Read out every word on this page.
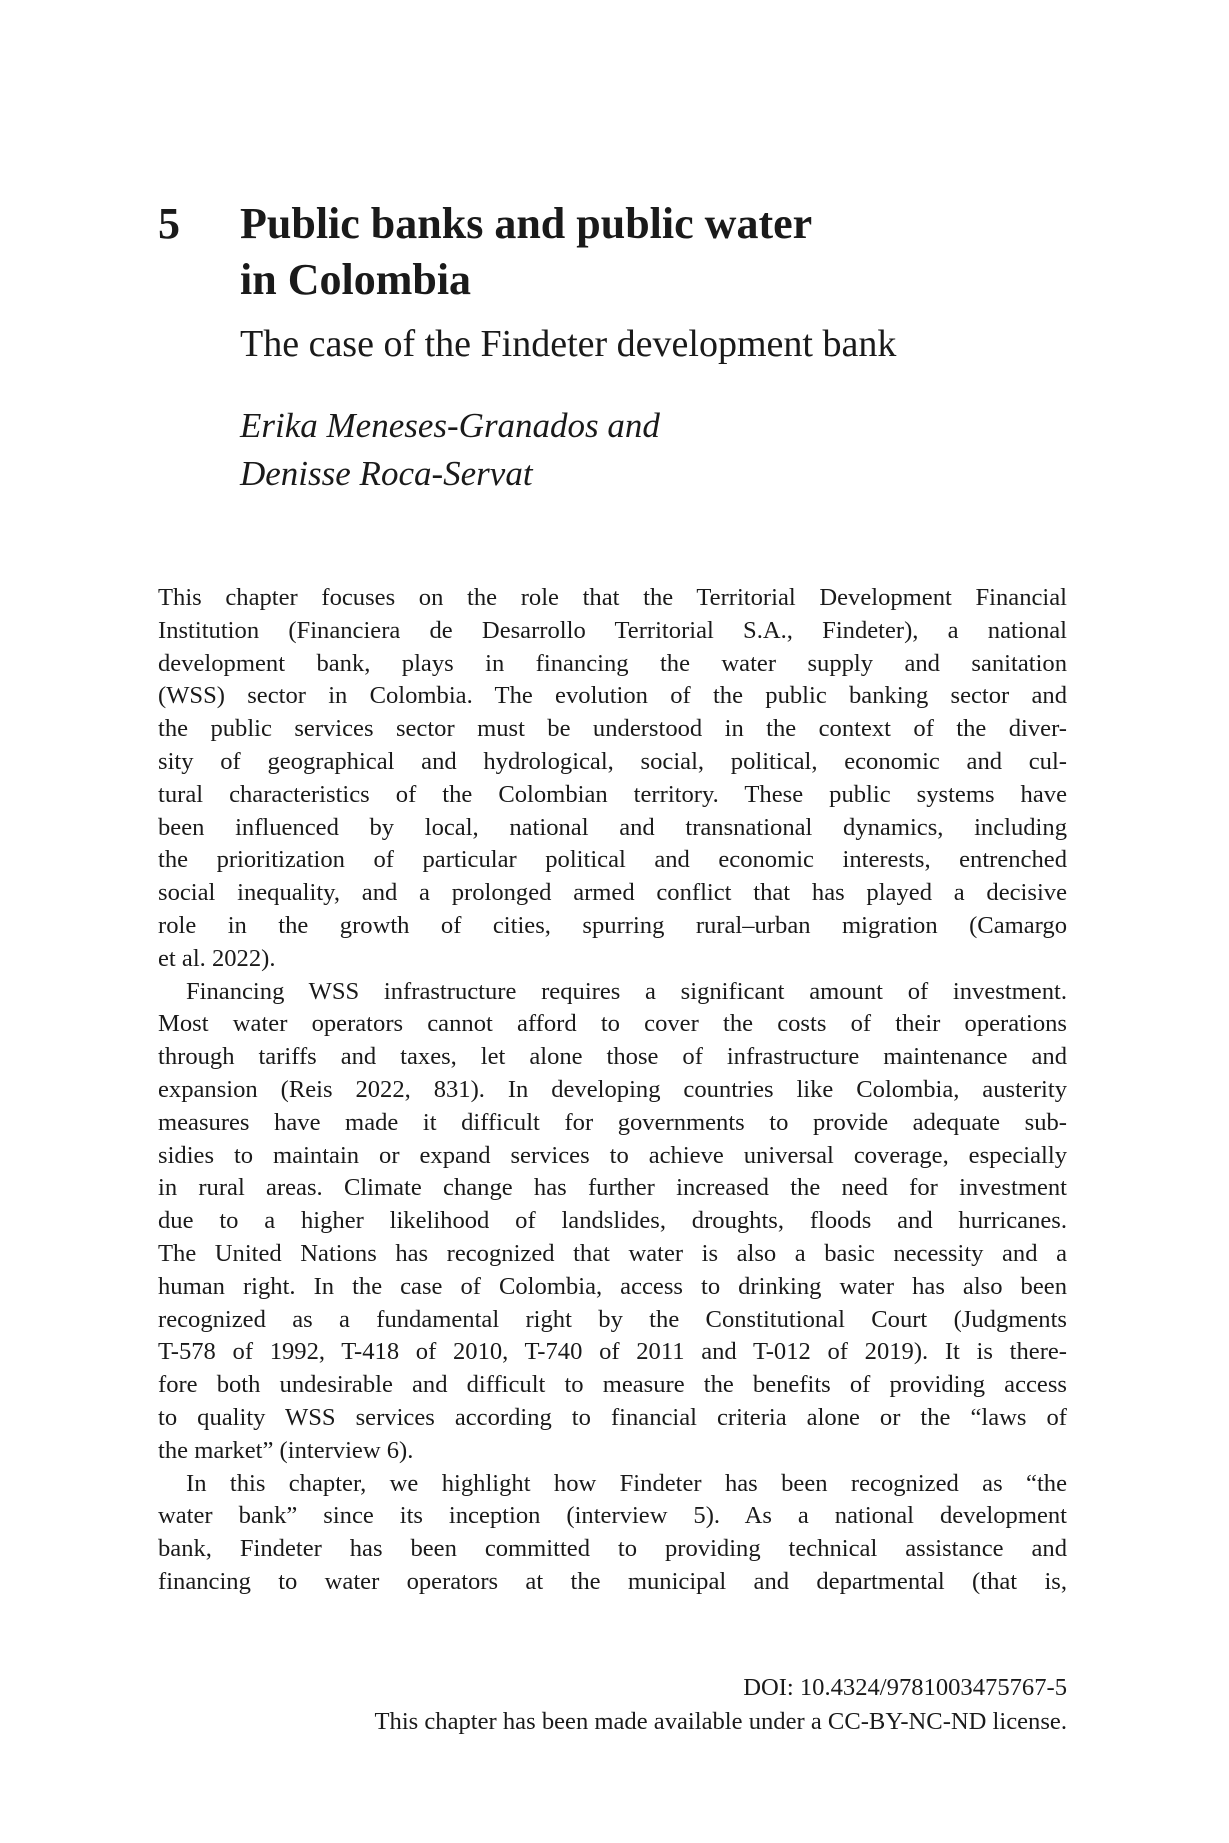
5 Public banks and public water
in Colombia
The case of the Findeter development bank
Erika Meneses-Granados and
Denisse Roca-Servat
This chapter focuses on the role that the Territorial Development Financial
Institution (Financiera de Desarrollo Territorial S.A., Findeter), a national
development bank, plays in financing the water supply and sanitation
(WSS) sector in Colombia. The evolution of the public banking sector and
the public services sector must be understood in the context of the diver-
sity of geographical and hydrological, social, political, economic and cul-
tural characteristics of the Colombian territory. These public systems have
been influenced by local, national and transnational dynamics, including
the prioritization of particular political and economic interests, entrenched
social inequality, and a prolonged armed conflict that has played a decisive
role in the growth of cities, spurring rural–urban migration (Camargo
et al. 2022).
Financing WSS infrastructure requires a significant amount of investment.
Most water operators cannot afford to cover the costs of their operations
through tariffs and taxes, let alone those of infrastructure maintenance and
expansion (Reis 2022, 831). In developing countries like Colombia, austerity
measures have made it difficult for governments to provide adequate sub-
sidies to maintain or expand services to achieve universal coverage, especially
in rural areas. Climate change has further increased the need for investment
due to a higher likelihood of landslides, droughts, floods and hurricanes.
The United Nations has recognized that water is also a basic necessity and a
human right. In the case of Colombia, access to drinking water has also been
recognized as a fundamental right by the Constitutional Court (Judgments
T-578 of 1992, T-418 of 2010, T-740 of 2011 and T-012 of 2019). It is there-
fore both undesirable and difficult to measure the benefits of providing access
to quality WSS services according to financial criteria alone or the “laws of
the market” (interview 6).
In this chapter, we highlight how Findeter has been recognized as “the
water bank” since its inception (interview 5). As a national development
bank, Findeter has been committed to providing technical assistance and
financing to water operators at the municipal and departmental (that is,
DOI: 10.4324/9781003475767-5
This chapter has been made available under a CC-BY-NC-ND license.
